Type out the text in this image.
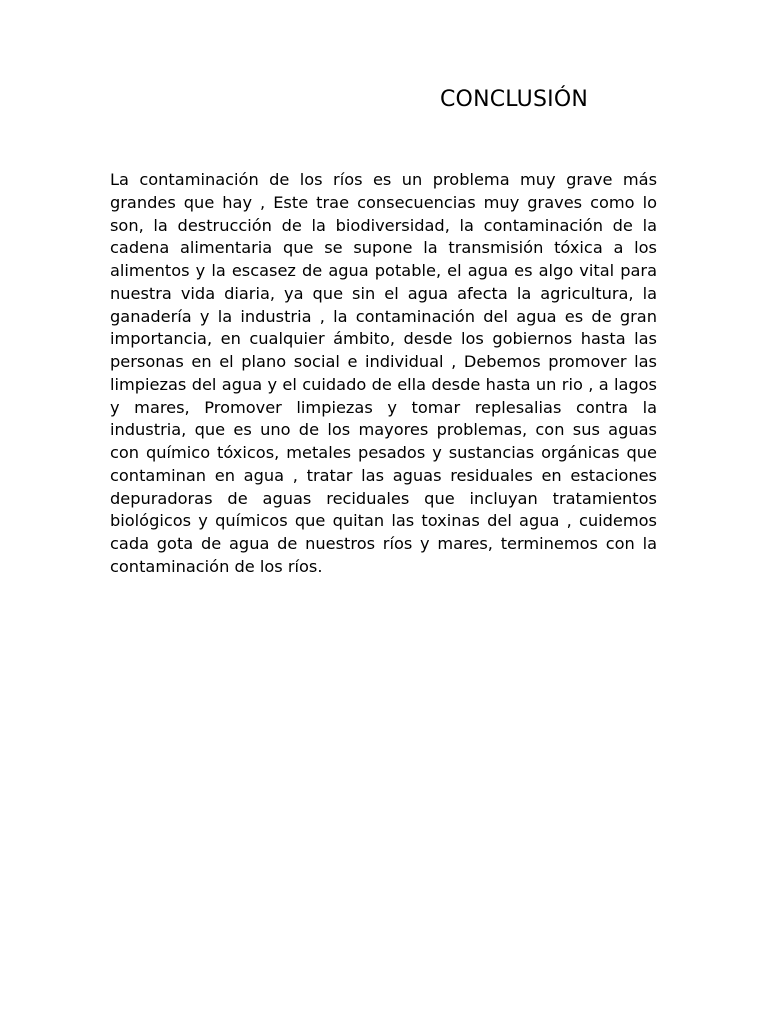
CONCLUSIÓN

La contaminación de los ríos es un problema muy grave más grandes que hay , Este trae consecuencias muy graves como lo son, la destrucción de la biodiversidad, la contaminación de la cadena alimentaria que se supone la transmisión tóxica a los alimentos y la escasez de agua potable, el agua es algo vital para nuestra vida diaria, ya que sin el agua afecta la agricultura, la ganadería y la industria , la contaminación del agua es de gran importancia, en cualquier ámbito, desde los gobiernos hasta las personas en el plano social e individual , Debemos promover las limpiezas del agua y el cuidado de ella desde hasta un rio , a lagos y mares, Promover limpiezas y tomar replesalias contra la industria, que es uno de los mayores problemas, con sus aguas con químico tóxicos, metales pesados y sustancias orgánicas que contaminan en agua , tratar las aguas residuales en estaciones depuradoras de aguas reciduales que incluyan tratamientos biológicos y químicos que quitan las toxinas del agua , cuidemos cada gota de agua de nuestros ríos y mares, terminemos con la contaminación de los ríos.
